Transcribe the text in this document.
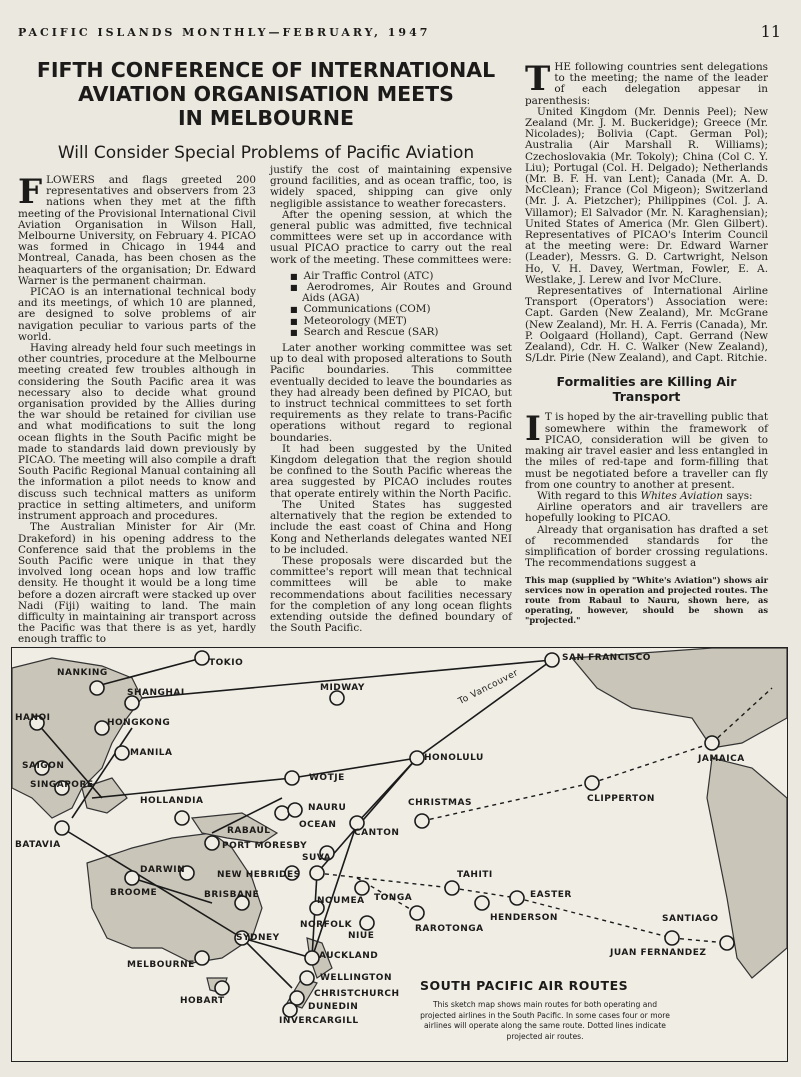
PACIFIC ISLANDS MONTHLY—FEBRUARY, 1947	11
FIFTH CONFERENCE OF INTERNATIONAL
AVIATION ORGANISATION MEETS
IN MELBOURNE
Will Consider Special Problems of Pacific Aviation

FLOWERS and flags greeted 200 representatives and observers from 23 nations when they met at the fifth meeting of the Provisional International Civil Aviation Organisation in Wilson Hall, Melbourne University, on February 4. PICAO was formed in Chicago in 1944 and Montreal, Canada, has been chosen as the heaquarters of the organisation; Dr. Edward Warner is the permanent chairman.

PICAO is an international technical body and its meetings, of which 10 are planned, are designed to solve problems of air navigation peculiar to various parts of the world.

Having already held four such meetings in other countries, procedure at the Melbourne meeting created few troubles although in considering the South Pacific area it was necessary also to decide what ground organisation provided by the Allies during the war should be retained for civilian use and what modifications to suit the long ocean flights in the South Pacific might be made to standards laid down previously by PICAO. The meeting will also compile a draft South Pacific Regional Manual containing all the information a pilot needs to know and discuss such technical matters as uniform practice in setting altimeters, and uniform instrument approach and procedures.

The Australian Minister for Air (Mr. Drakeford) in his opening address to the Conference said that the problems in the South Pacific were unique in that they involved long ocean hops and low traffic density. He thought it would be a long time before a dozen aircraft were stacked up over Nadi (Fiji) waiting to land. The main difficulty in maintaining air transport across the Pacific was that there is as yet, hardly enough traffic to

justify the cost of maintaining expensive ground facilities, and as ocean traffic, too, is widely spaced, shipping can give only negligible assistance to weather forecasters.

After the opening session, at which the general public was admitted, five technical committees were set up in accordance with usual PICAO practice to carry out the real work of the meeting. These committees were:

■ Air Traffic Control (ATC)
■ Aerodromes, Air Routes and Ground Aids (AGA)
■ Communications (COM)
■ Meteorology (MET)
■ Search and Rescue (SAR)

Later another working committee was set up to deal with proposed alterations to South Pacific boundaries. This committee eventually decided to leave the boundaries as they had already been defined by PICAO, but to instruct technical committees to set forth requirements as they relate to trans-Pacific operations without regard to regional boundaries.

It had been suggested by the United Kingdom delegation that the region should be confined to the South Pacific whereas the area suggested by PICAO includes routes that operate entirely within the North Pacific.

The United States has suggested alternatively that the region be extended to include the east coast of China and Hong Kong and Netherlands delegates wanted NEI to be included.

These proposals were discarded but the committee's report will mean that technical committees will be able to make recommendations about facilities necessary for the completion of any long ocean flights extending outside the defined boundary of the South Pacific.

THE following countries sent delegations to the meeting; the name of the leader of each delegation appesar in parenthesis:

United Kingdom (Mr. Dennis Peel); New Zealand (Mr. J. M. Buckeridge); Greece (Mr. Nicolades); Bolivia (Capt. German Pol); Australia (Air Marshall R. Williams); Czechoslovakia (Mr. Tokoly); China (Col C. Y. Liu); Portugal (Col. H. Delgado); Netherlands (Mr. B. F. H. van Lent); Canada (Mr. A. D. McClean); France (Col Migeon); Switzerland (Mr. J. A. Pietzcher); Philippines (Col. J. A. Villamor); El Salvador (Mr. N. Karaghensian); United States of America (Mr. Glen Gilbert). Representatives of PICAO's Interim Council at the meeting were: Dr. Edward Warner (Leader), Messrs. G. D. Cartwright, Nelson Ho, V. H. Davey, Wertman, Fowler, E. A. Westlake, J. Lerew and Ivor McClure.

Representatives of International Airline Transport (Operators') Association were: Capt. Garden (New Zealand), Mr. McGrane (New Zealand), Mr. H. A. Ferris (Canada), Mr. P. Oolgaard (Holland), Capt. Gerrand (New Zealand), Cdr. H. C. Walker (New Zealand), S/Ldr. Pirie (New Zealand), and Capt. Ritchie.

Formalities are Killing Air Transport

I T is hoped by the air-travelling public that somewhere within the framework of PICAO, consideration will be given to making air travel easier and less entangled in the miles of red-tape and form-filling that must be negotiated before a traveller can fly from one country to another at present.

With regard to this Whites Aviation says:

Airline operators and air travellers are hopefully looking to PICAO.

Already that organisation has drafted a set of recommended standards for the simplification of border crossing regulations. The recommendations suggest a

This map (supplied by "White's Aviation") shows air services now in operation and projected routes. The route from Rabaul to Nauru, shown here, as operating, however, should be shown as "projected."
TOKIO
NANKING
SHANGHAI
HANOI	HONGKONG
MANILA
SAIGON
SINGAPORE
HOLLANDIA
BATAVIA
RABAUL
PORT MORESBY
DARWIN
BROOME	BRISBANE
SYDNEY
MELBOURNE
HOBART
NEW HEBRIDES
NOUMEA
NORFOLK
AUCKLAND
WELLINGTON
CHRISTCHURCH
DUNEDIN
INVERCARGILL
MIDWAY
WOTJE
NAURU
OCEAN
CANTON
SUVA
TONGA
NIUE
RAROTONGA
TAHITI
CHRISTMAS
HONOLULU
SAN FRANCISCO
To Vancouver
CLIPPERTON
JAMAICA
EASTER
HENDERSON	SANTIAGO
JUAN FERNANDEZ
SOUTH PACIFIC AIR ROUTES
This sketch map shows main routes for both operating and projected airlines in the South Pacific. In some cases four or more airlines will operate along the same route. Dotted lines indicate projected air routes.
